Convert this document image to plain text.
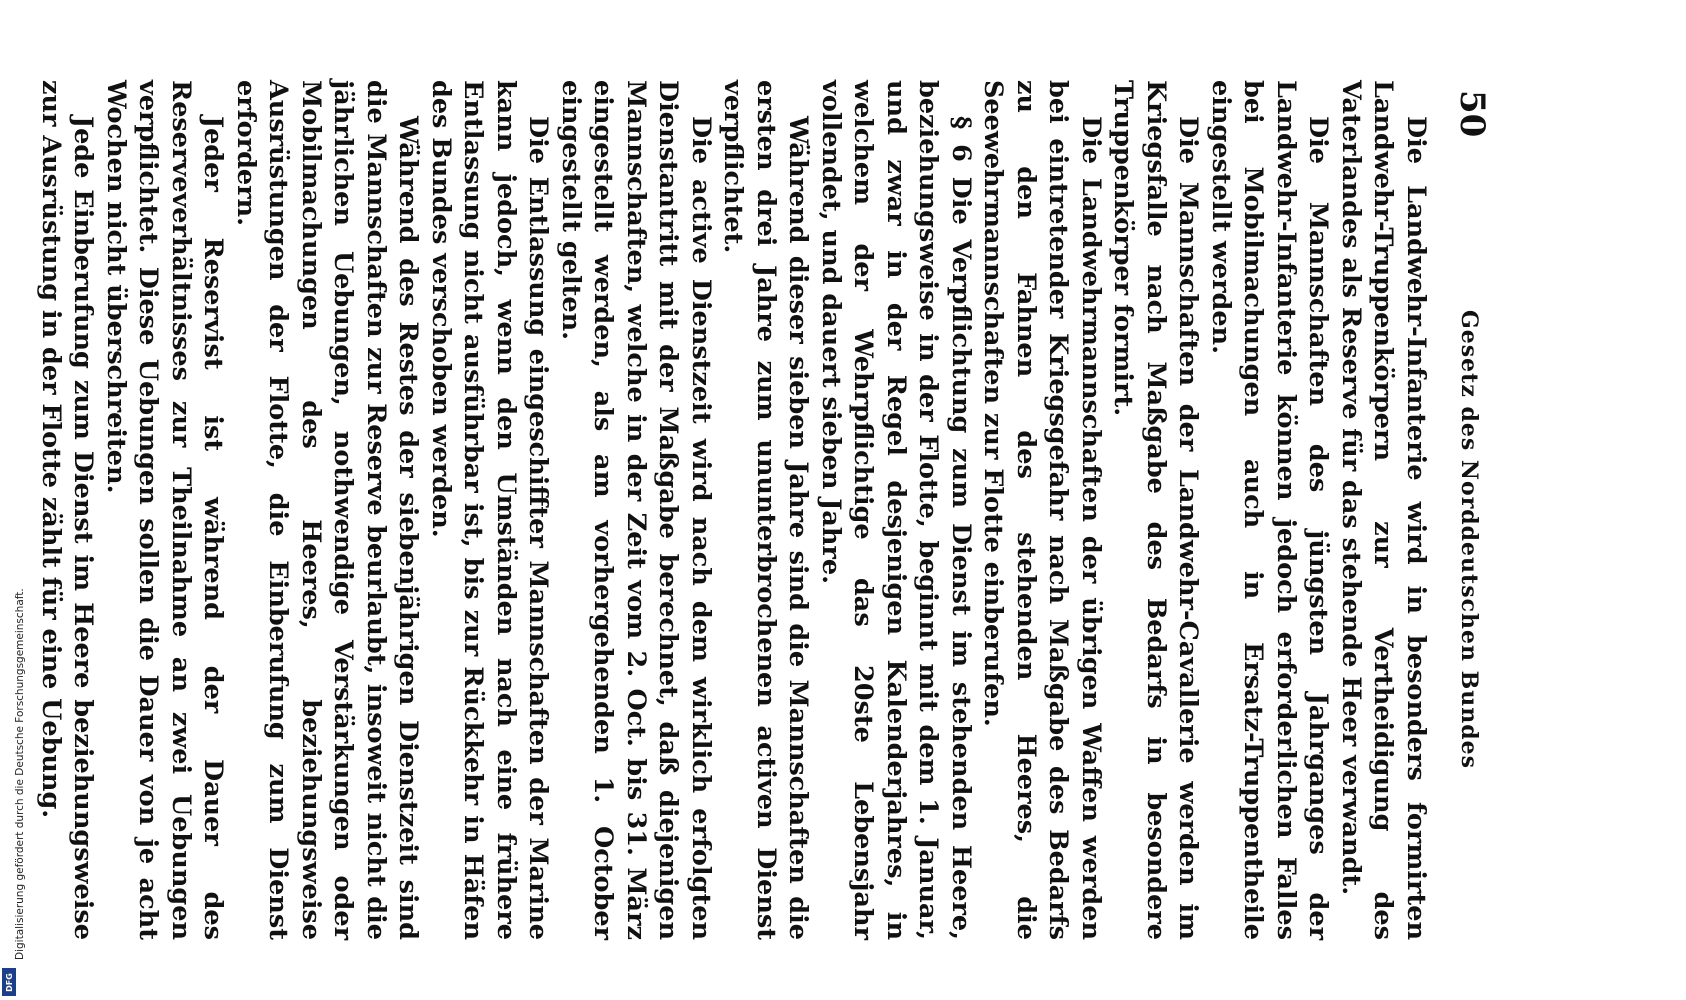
Digitalisierung gefördert durch die Deutsche Forschungsgemeinschaft.
DFG
50
Gesetz des Norddeutschen Bundes

Die Landwehr-Infanterie wird in besonders formirten Landwehr-Truppenkörpern zur Vertheidigung des Vaterlandes als Reserve für das stehende Heer verwandt.

Die Mannschaften des jüngsten Jahrganges der Landwehr-Infanterie können jedoch erforderlichen Falles bei Mobilmachungen auch in Ersatz-Truppentheile eingestellt werden.

Die Mannschaften der Landwehr-Cavallerie werden im Kriegsfalle nach Maßgabe des Bedarfs in besondere Truppenkörper formirt.

Die Landwehrmannschaften der übrigen Waffen werden bei eintretender Kriegsgefahr nach Maßgabe des Bedarfs zu den Fahnen des stehenden Heeres, die Seewehrmannschaften zur Flotte einberufen.

§ 6 Die Verpflichtung zum Dienst im stehenden Heere, beziehungsweise in der Flotte, beginnt mit dem 1. Januar, und zwar in der Regel desjenigen Kalenderjahres, in welchem der Wehrpflichtige das 20ste Lebensjahr vollendet, und dauert sieben Jahre.

Während dieser sieben Jahre sind die Mannschaften die ersten drei Jahre zum ununterbrochenen activen Dienst verpflichtet.

Die active Dienstzeit wird nach dem wirklich erfolgten Dienstantritt mit der Maßgabe berechnet, daß diejenigen Mannschaften, welche in der Zeit vom 2. Oct. bis 31. März eingestellt werden, als am vorhergehenden 1. October eingestellt gelten.

Die Entlassung eingeschiffter Mannschaften der Marine kann jedoch, wenn den Umständen nach eine frühere Entlassung nicht ausführbar ist, bis zur Rückkehr in Häfen des Bundes verschoben werden.

Während des Restes der siebenjährigen Dienstzeit sind die Mannschaften zur Reserve beurlaubt, insoweit nicht die jährlichen Uebungen, nothwendige Verstärkungen oder Mobilmachungen des Heeres, beziehungsweise Ausrüstungen der Flotte, die Einberufung zum Dienst erfordern.

Jeder Reservist ist während der Dauer des Reserveverhältnisses zur Theilnahme an zwei Uebungen verpflichtet. Diese Uebungen sollen die Dauer von je acht Wochen nicht überschreiten.

Jede Einberufung zum Dienst im Heere beziehungsweise zur Ausrüstung in der Flotte zählt für eine Uebung.
